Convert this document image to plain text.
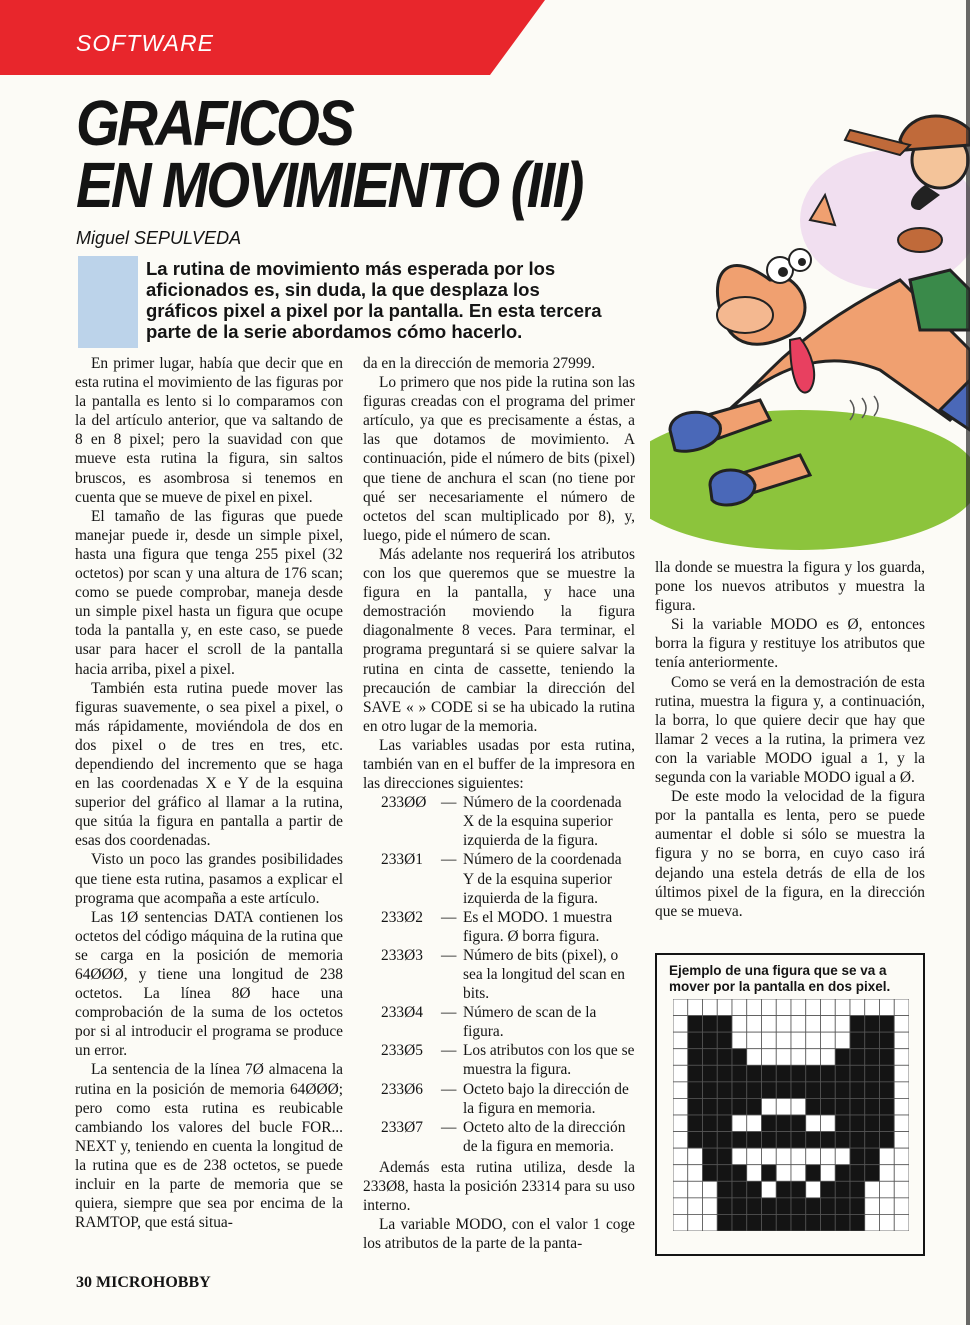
SOFTWARE
GRAFICOS
EN MOVIMIENTO (III)
Miguel SEPULVEDA
La rutina de movimiento más esperada por los aficionados es, sin duda, la que desplaza los gráficos pixel a pixel por la pantalla. En esta tercera parte de la serie abordamos cómo hacerlo.

En primer lugar, había que decir que en esta rutina el movimiento de las figuras por la pantalla es lento si lo comparamos con la del artículo anterior, que va saltando de 8 en 8 pixel; pero la suavidad con que mueve esta rutina la figura, sin saltos bruscos, es asombrosa si tenemos en cuenta que se mueve de pixel en pixel.

El tamaño de las figuras que puede manejar puede ir, desde un simple pixel, hasta una figura que tenga 255 pixel (32 octetos) por scan y una altura de 176 scan; como se puede comprobar, maneja desde un simple pixel hasta un figura que ocupe toda la pantalla y, en este caso, se puede usar para hacer el scroll de la pantalla hacia arriba, pixel a pixel.

También esta rutina puede mover las figuras suavemente, o sea pixel a pixel, o más rápidamente, moviéndola de dos en dos pixel o de tres en tres, etc. dependiendo del incremento que se haga en las coordenadas X e Y de la esquina superior del gráfico al llamar a la rutina, que sitúa la figura en pantalla a partir de esas dos coordenadas.

Visto un poco las grandes posibilidades que tiene esta rutina, pasamos a explicar el programa que acompaña a este artículo.

Las 1Ø sentencias DATA contienen los octetos del código máquina de la rutina que se carga en la posición de memoria 64ØØØ, y tiene una longitud de 238 octetos. La línea 8Ø hace una comprobación de la suma de los octetos por si al introducir el programa se produce un error.

La sentencia de la línea 7Ø almacena la rutina en la posición de memoria 64ØØØ; pero como esta rutina es reubicable cambiando los valores del bucle FOR... NEXT y, teniendo en cuenta la longitud de la rutina que es de 238 octetos, se puede incluir en la parte de memoria que se quiera, siempre que sea por encima de la RAMTOP, que está situa-

da en la dirección de memoria 27999.

Lo primero que nos pide la rutina son las figuras creadas con el programa del primer artículo, ya que es precisamente a éstas, a las que dotamos de movimiento. A continuación, pide el número de bits (pixel) que tiene de anchura el scan (no tiene por qué ser necesariamente el número de octetos del scan multiplicado por 8), y, luego, pide el número de scan.

Más adelante nos requerirá los atributos con los que queremos que se muestre la figura en la pantalla, y hace una demostración moviendo la figura diagonalmente 8 veces. Para terminar, el programa preguntará si se quiere salvar la rutina en cinta de cassette, teniendo la precaución de cambiar la dirección del SAVE « » CODE si se ha ubicado la rutina en otro lugar de la memoria.

Las variables usadas por esta rutina, también van en el buffer de la impresora en las direcciones siguientes:

233ØØ — Número de la coordenada X de la esquina superior izquierda de la figura.
233Ø1	— Número de la coordenada Y de la esquina superior izquierda de la figura.
233Ø2	— Es el MODO. 1 muestra figura. Ø borra figura.
233Ø3	— Número de bits (pixel), o sea la longitud del scan en bits.
233Ø4	— Número de scan de la figura.
233Ø5	— Los atributos con los que se muestra la figura.
233Ø6	— Octeto bajo la dirección de la figura en memoria.
233Ø7	— Octeto alto de la dirección de la figura en memoria.

Además esta rutina utiliza, desde la 233Ø8, hasta la posición 23314 para su uso interno.

La variable MODO, con el valor 1 coge los atributos de la parte de la panta-

lla donde se muestra la figura y los guarda, pone los nuevos atributos y muestra la figura.

Si la variable MODO es Ø, entonces borra la figura y restituye los atributos que tenía anteriormente.

Como se verá en la demostración de esta rutina, muestra la figura y, a continuación, la borra, lo que quiere decir que hay que llamar 2 veces a la rutina, la primera vez con la variable MODO igual a 1, y la segunda con la variable MODO igual a Ø.

De este modo la velocidad de la figura por la pantalla es lenta, pero se puede aumentar el doble si sólo se muestra la figura y no se borra, en cuyo caso irá dejando una estela detrás de ella de los últimos pixel de la figura, en la dirección que se mueva.

Ejemplo de una figura que se va a mover por la pantalla en dos pixel.
30 MICROHOBBY
